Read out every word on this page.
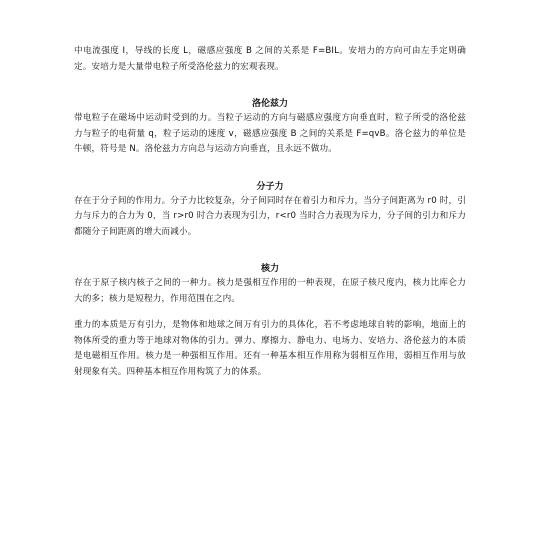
中电流强度 I，导线的长度 L，磁感应强度 B 之间的关系是 F=BIL。安培力的方向可由左手定则确定。安培力是大量带电粒子所受洛伦兹力的宏观表现。

洛伦兹力

带电粒子在磁场中运动时受到的力。当粒子运动的方向与磁感应强度方向垂直时，粒子所受的洛伦兹力与粒子的电荷量 q，粒子运动的速度 v，磁感应强度 B 之间的关系是 F=qvB。洛仑兹力的单位是牛顿，符号是 N。洛伦兹力方向总与运动方向垂直，且永远不做功。

分子力

存在于分子间的作用力。分子力比较复杂，分子间同时存在着引力和斥力，当分子间距离为 r0 时，引力与斥力的合力为 0，当 r>r0 时合力表现为引力，r<r0 当时合力表现为斥力，分子间的引力和斥力都随分子间距离的增大而减小。

核力

存在于原子核内核子之间的一种力。核力是强相互作用的一种表现，在原子核尺度内，核力比库仑力大的多；核力是短程力，作用范围在之内。

重力的本质是万有引力，是物体和地球之间万有引力的具体化，若不考虑地球自转的影响，地面上的物体所受的重力等于地球对物体的引力。弹力、摩擦力、静电力、电场力、安培力、洛伦兹力的本质是电磁相互作用。核力是一种强相互作用。还有一种基本相互作用称为弱相互作用，弱相互作用与放射现象有关。四种基本相互作用构筑了力的体系。
